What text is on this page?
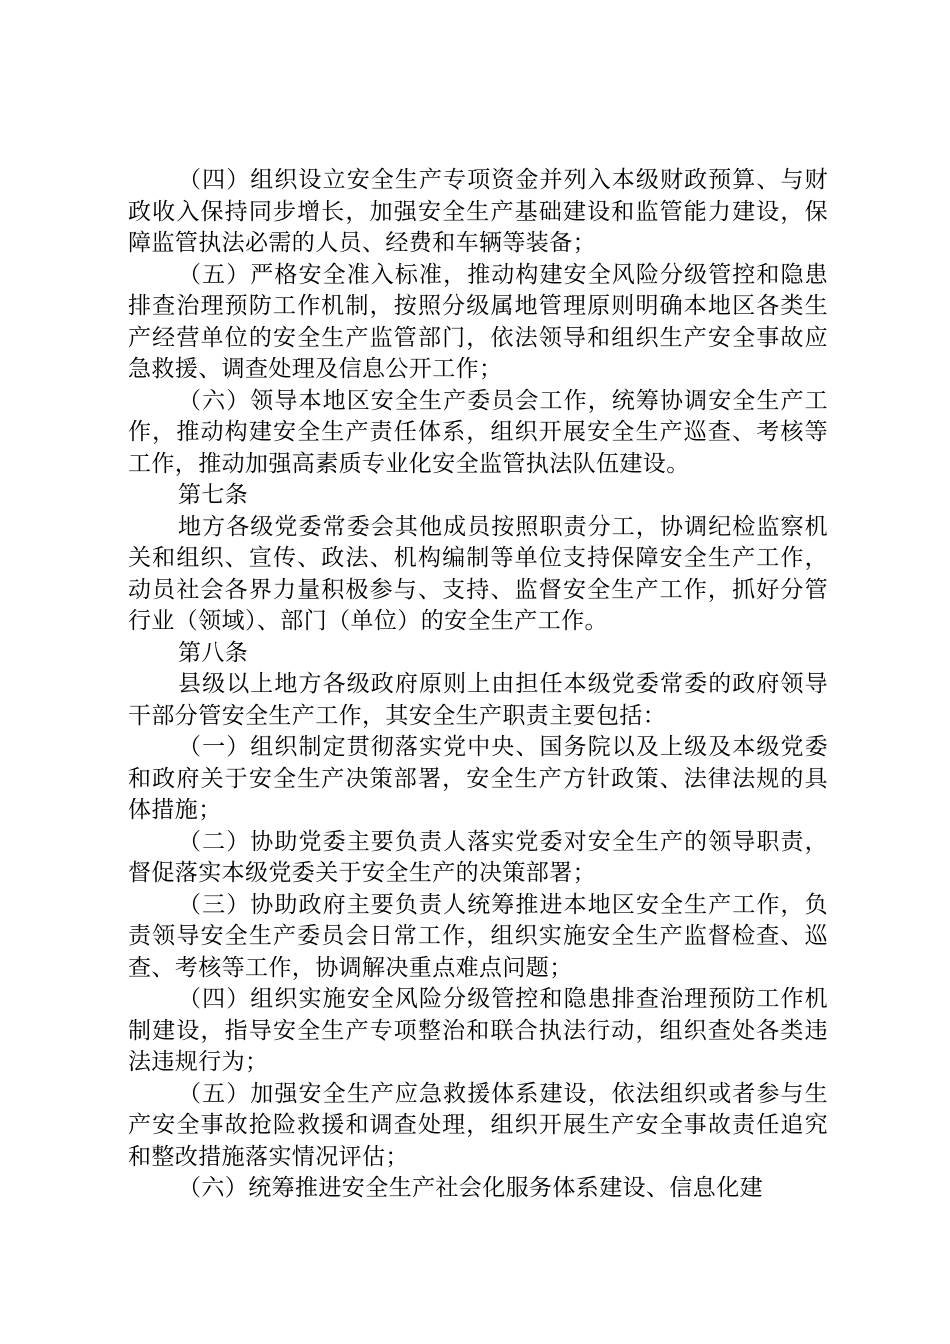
（四）组织设立安全生产专项资金并列入本级财政预算、与财政收入保持同步增长，加强安全生产基础建设和监管能力建设，保障监管执法必需的人员、经费和车辆等装备；

（五）严格安全准入标准，推动构建安全风险分级管控和隐患排查治理预防工作机制，按照分级属地管理原则明确本地区各类生产经营单位的安全生产监管部门，依法领导和组织生产安全事故应急救援、调查处理及信息公开工作；

（六）领导本地区安全生产委员会工作，统筹协调安全生产工作，推动构建安全生产责任体系，组织开展安全生产巡查、考核等工作，推动加强高素质专业化安全监管执法队伍建设。

第七条

地方各级党委常委会其他成员按照职责分工，协调纪检监察机关和组织、宣传、政法、机构编制等单位支持保障安全生产工作，动员社会各界力量积极参与、支持、监督安全生产工作，抓好分管行业（领域）、部门（单位）的安全生产工作。

第八条

县级以上地方各级政府原则上由担任本级党委常委的政府领导干部分管安全生产工作，其安全生产职责主要包括：

（一）组织制定贯彻落实党中央、国务院以及上级及本级党委和政府关于安全生产决策部署，安全生产方针政策、法律法规的具体措施；

（二）协助党委主要负责人落实党委对安全生产的领导职责，督促落实本级党委关于安全生产的决策部署；

（三）协助政府主要负责人统筹推进本地区安全生产工作，负责领导安全生产委员会日常工作，组织实施安全生产监督检查、巡查、考核等工作，协调解决重点难点问题；

（四）组织实施安全风险分级管控和隐患排查治理预防工作机制建设，指导安全生产专项整治和联合执法行动，组织查处各类违法违规行为；

（五）加强安全生产应急救援体系建设，依法组织或者参与生产安全事故抢险救援和调查处理，组织开展生产安全事故责任追究和整改措施落实情况评估；

（六）统筹推进安全生产社会化服务体系建设、信息化建
